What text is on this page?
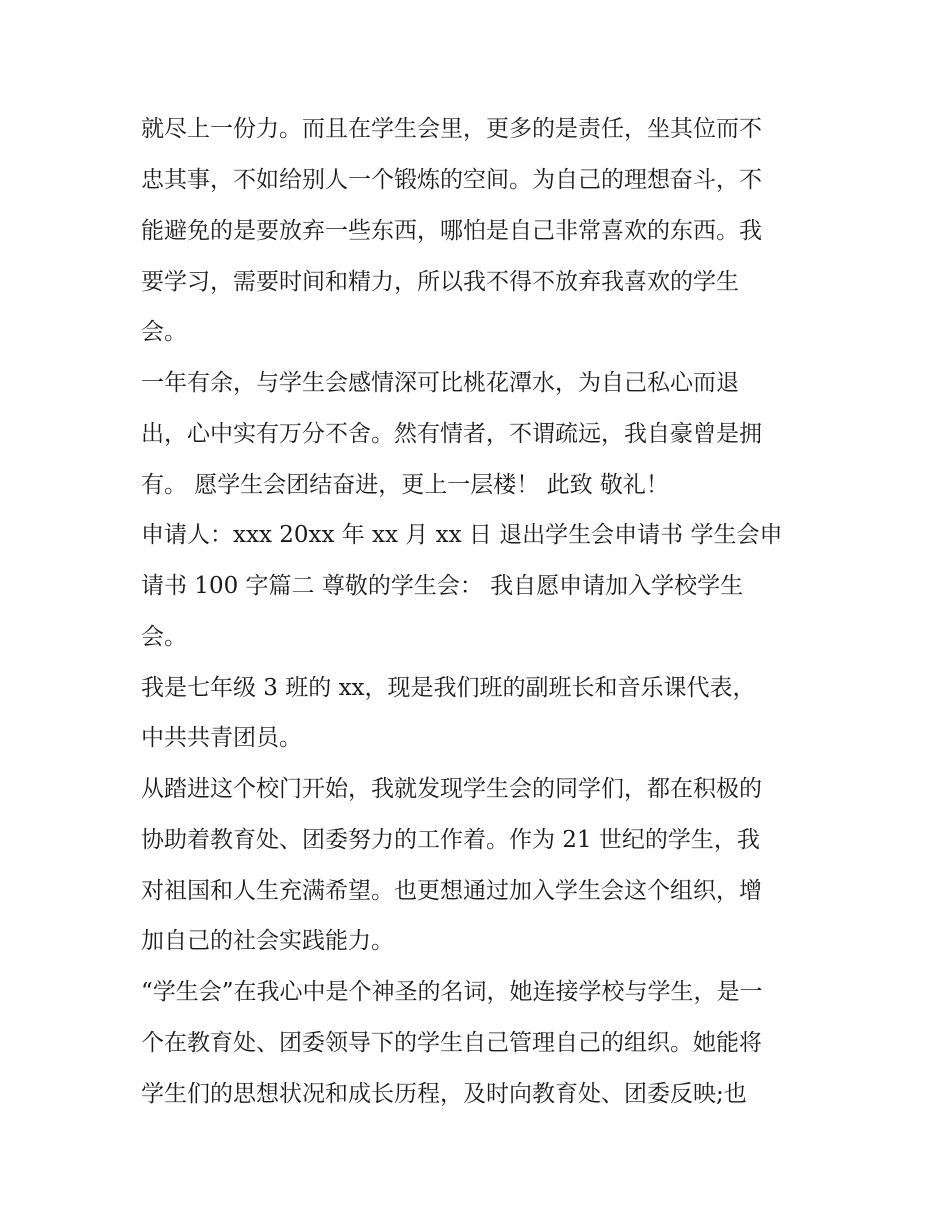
就尽上一份力。而且在学生会里，更多的是责任，坐其位而不
忠其事，不如给别人一个锻炼的空间。为自己的理想奋斗，不
能避免的是要放弃一些东西，哪怕是自己非常喜欢的东西。我
要学习，需要时间和精力，所以我不得不放弃我喜欢的学生
会。
一年有余，与学生会感情深可比桃花潭水，为自己私心而退
出，心中实有万分不舍。然有情者，不谓疏远，我自豪曾是拥
有。 愿学生会团结奋进，更上一层楼！ 此致 敬礼！
申请人：xxx 20xx 年 xx 月 xx 日 退出学生会申请书 学生会申
请书 100 字篇二 尊敬的学生会： 我自愿申请加入学校学生
会。
我是七年级 3 班的 xx，现是我们班的副班长和音乐课代表，
中共共青团员。
从踏进这个校门开始，我就发现学生会的同学们，都在积极的
协助着教育处、团委努力的工作着。作为 21 世纪的学生，我
对祖国和人生充满希望。也更想通过加入学生会这个组织，增
加自己的社会实践能力。
“学生会”在我心中是个神圣的名词，她连接学校与学生，是一
个在教育处、团委领导下的学生自己管理自己的组织。她能将
学生们的思想状况和成长历程，及时向教育处、团委反映;也
